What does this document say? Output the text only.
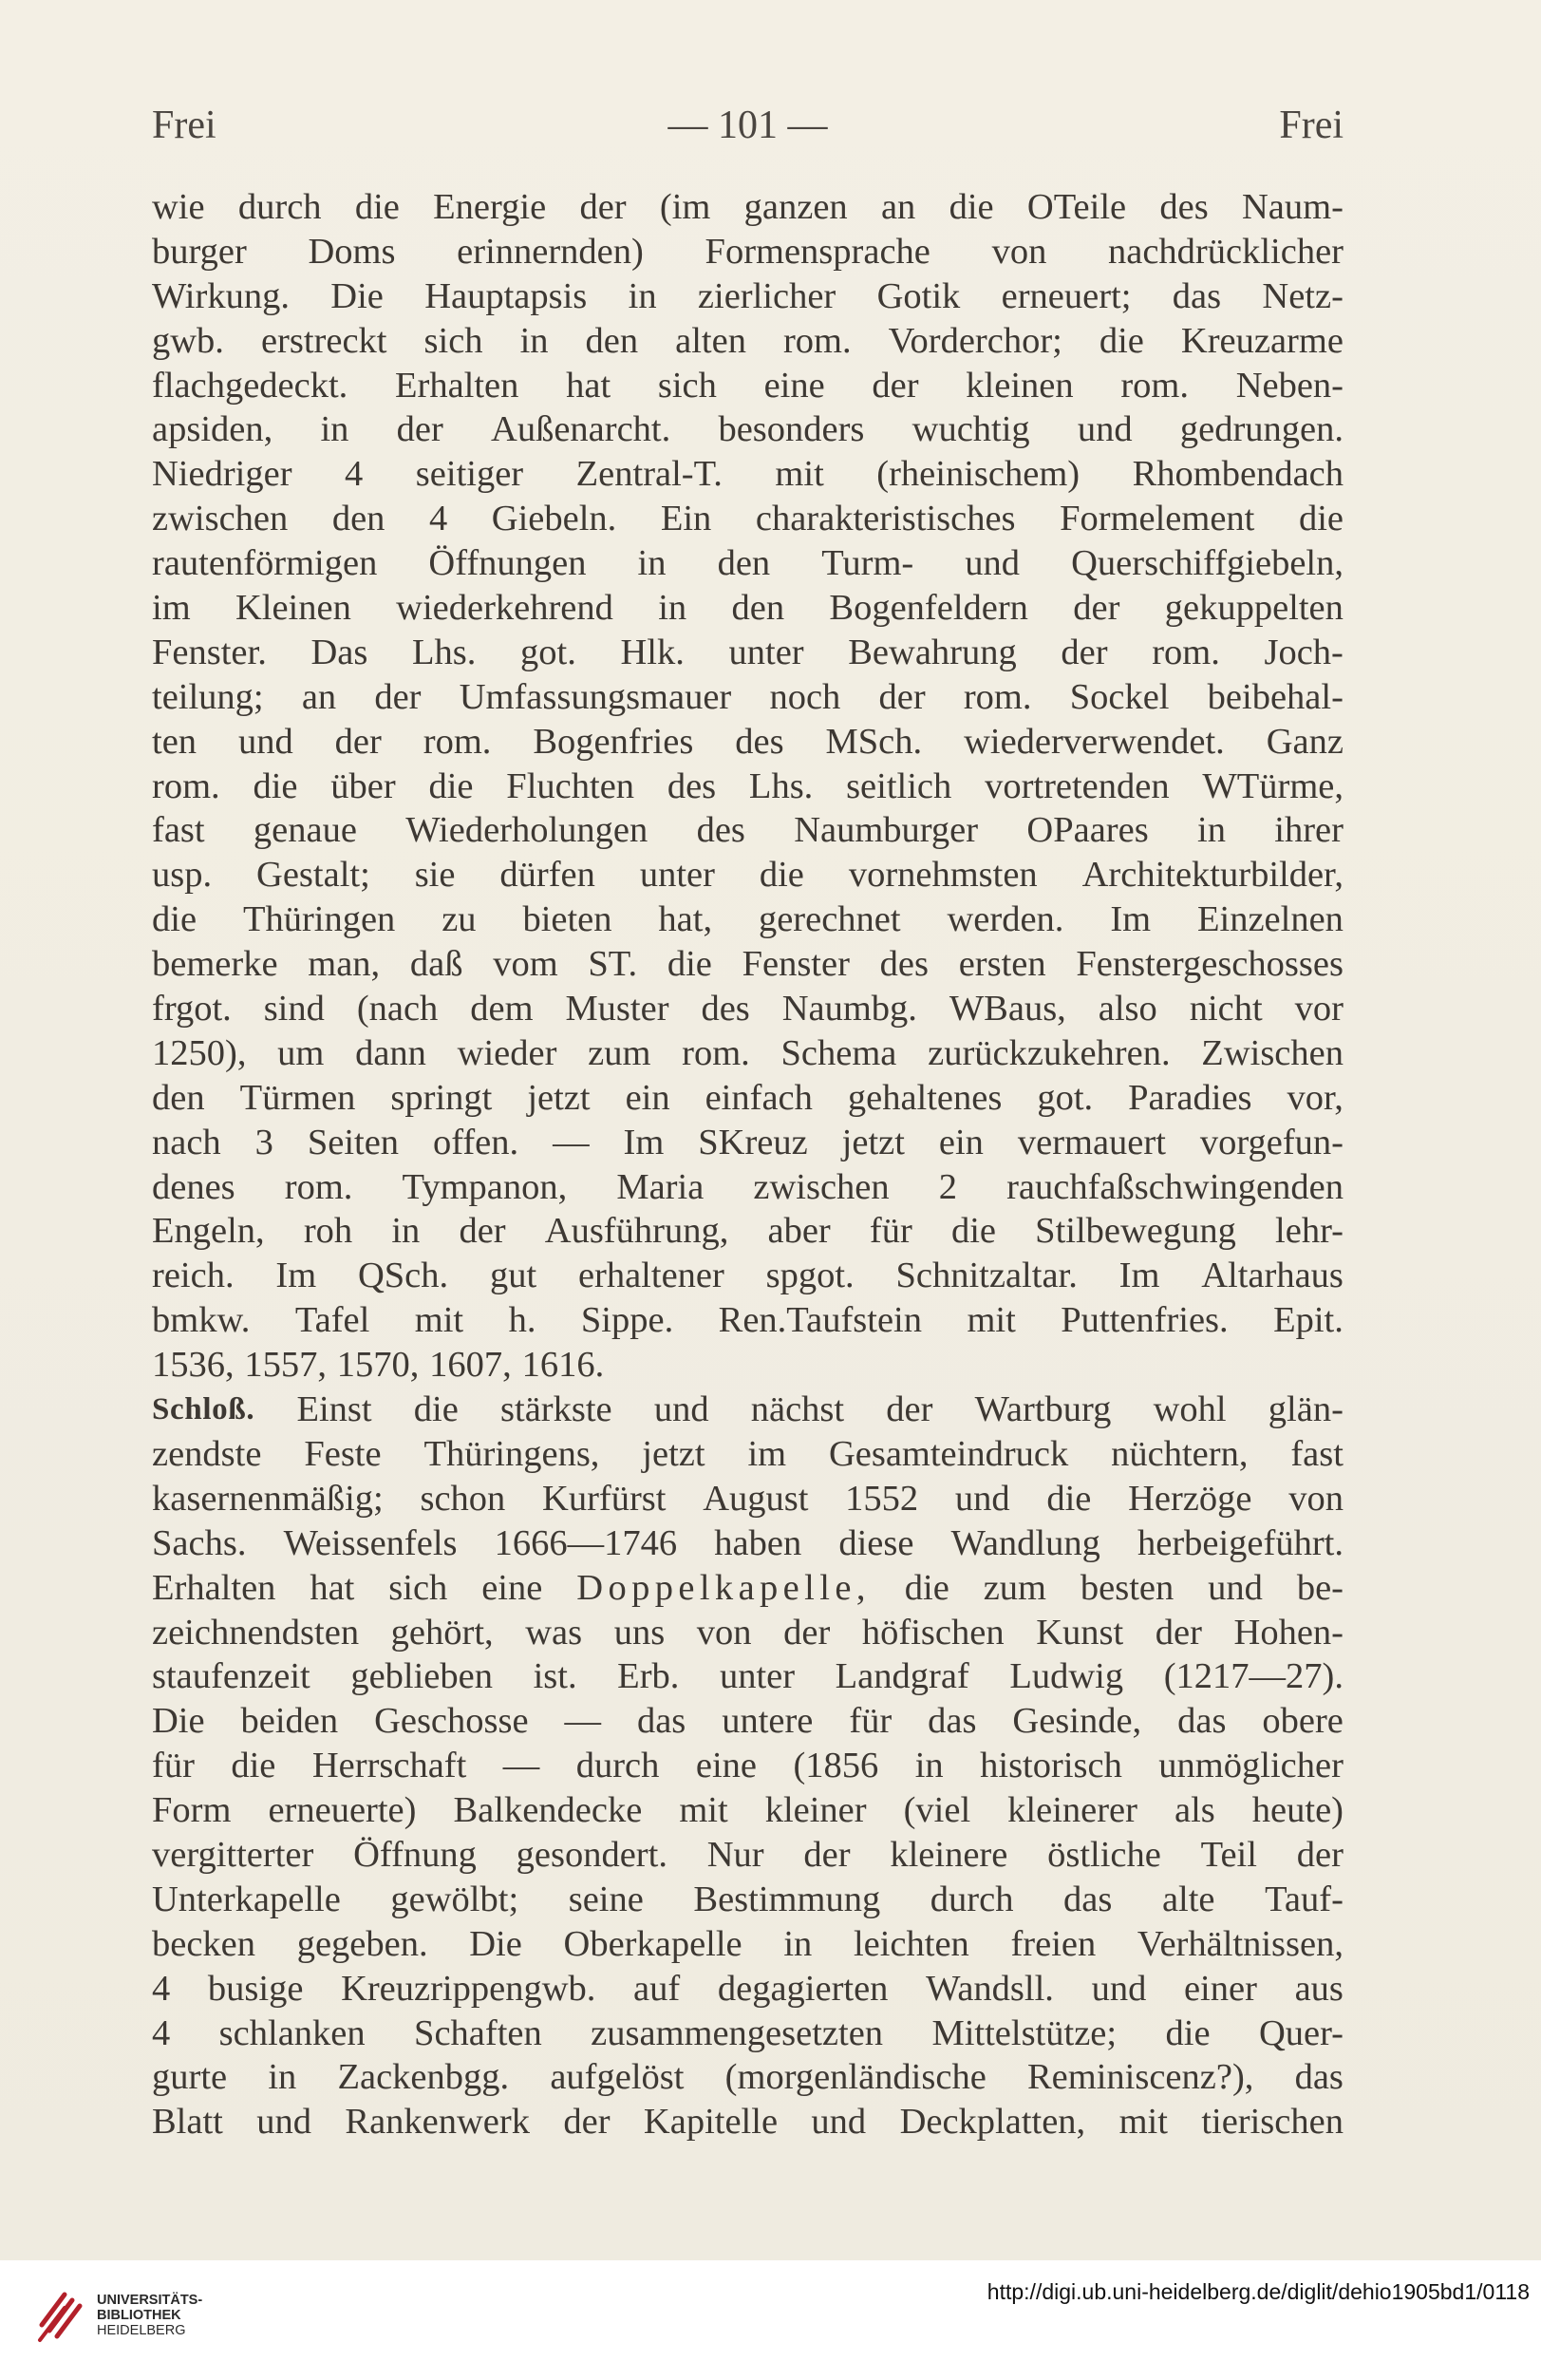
Frei	— 101 —	Frei
wie durch die Energie der (im ganzen an die OTeile des Naum-
burger Doms erinnernden) Formensprache von nachdrücklicher
Wirkung. Die Hauptapsis in zierlicher Gotik erneuert; das Netz-
gwb. erstreckt sich in den alten rom. Vorderchor; die Kreuzarme
flachgedeckt. Erhalten hat sich eine der kleinen rom. Neben-
apsiden, in der Außenarcht. besonders wuchtig und gedrungen.
Niedriger 4 seitiger Zentral-T. mit (rheinischem) Rhombendach
zwischen den 4 Giebeln. Ein charakteristisches Formelement die
rautenförmigen Öffnungen in den Turm- und Querschiffgiebeln,
im Kleinen wiederkehrend in den Bogenfeldern der gekuppelten
Fenster. Das Lhs. got. Hlk. unter Bewahrung der rom. Joch-
teilung; an der Umfassungsmauer noch der rom. Sockel beibehal-
ten und der rom. Bogenfries des MSch. wiederverwendet. Ganz
rom. die über die Fluchten des Lhs. seitlich vortretenden WTürme,
fast genaue Wiederholungen des Naumburger OPaares in ihrer
usp. Gestalt; sie dürfen unter die vornehmsten Architekturbilder,
die Thüringen zu bieten hat, gerechnet werden. Im Einzelnen
bemerke man, daß vom ST. die Fenster des ersten Fenstergeschosses
frgot. sind (nach dem Muster des Naumbg. WBaus, also nicht vor
1250), um dann wieder zum rom. Schema zurückzukehren. Zwischen
den Türmen springt jetzt ein einfach gehaltenes got. Paradies vor,
nach 3 Seiten offen. — Im SKreuz jetzt ein vermauert vorgefun-
denes rom. Tympanon, Maria zwischen 2 rauchfaßschwingenden
Engeln, roh in der Ausführung, aber für die Stilbewegung lehr-
reich. Im QSch. gut erhaltener spgot. Schnitzaltar. Im Altarhaus
bmkw. Tafel mit h. Sippe. Ren.Taufstein mit Puttenfries. Epit.
1536, 1557, 1570, 1607, 1616.
Schloß. Einst die stärkste und nächst der Wartburg wohl glän-
zendste Feste Thüringens, jetzt im Gesamteindruck nüchtern, fast
kasernenmäßig; schon Kurfürst August 1552 und die Herzöge von
Sachs. Weissenfels 1666—1746 haben diese Wandlung herbeigeführt.
Erhalten hat sich eine Doppelkapelle, die zum besten und be-
zeichnendsten gehört, was uns von der höfischen Kunst der Hohen-
staufenzeit geblieben ist. Erb. unter Landgraf Ludwig (1217—27).
Die beiden Geschosse — das untere für das Gesinde, das obere
für die Herrschaft — durch eine (1856 in historisch unmöglicher
Form erneuerte) Balkendecke mit kleiner (viel kleinerer als heute)
vergitterter Öffnung gesondert. Nur der kleinere östliche Teil der
Unterkapelle gewölbt; seine Bestimmung durch das alte Tauf-
becken gegeben. Die Oberkapelle in leichten freien Verhältnissen,
4 busige Kreuzrippengwb. auf degagierten Wandsll. und einer aus
4 schlanken Schaften zusammengesetzten Mittelstütze; die Quer-
gurte in Zackenbgg. aufgelöst (morgenländische Reminiscenz?), das
Blatt und Rankenwerk der Kapitelle und Deckplatten, mit tierischen
UNIVERSITÄTS-
BIBLIOTHEK
HEIDELBERG
http://digi.ub.uni-heidelberg.de/diglit/dehio1905bd1/0118
